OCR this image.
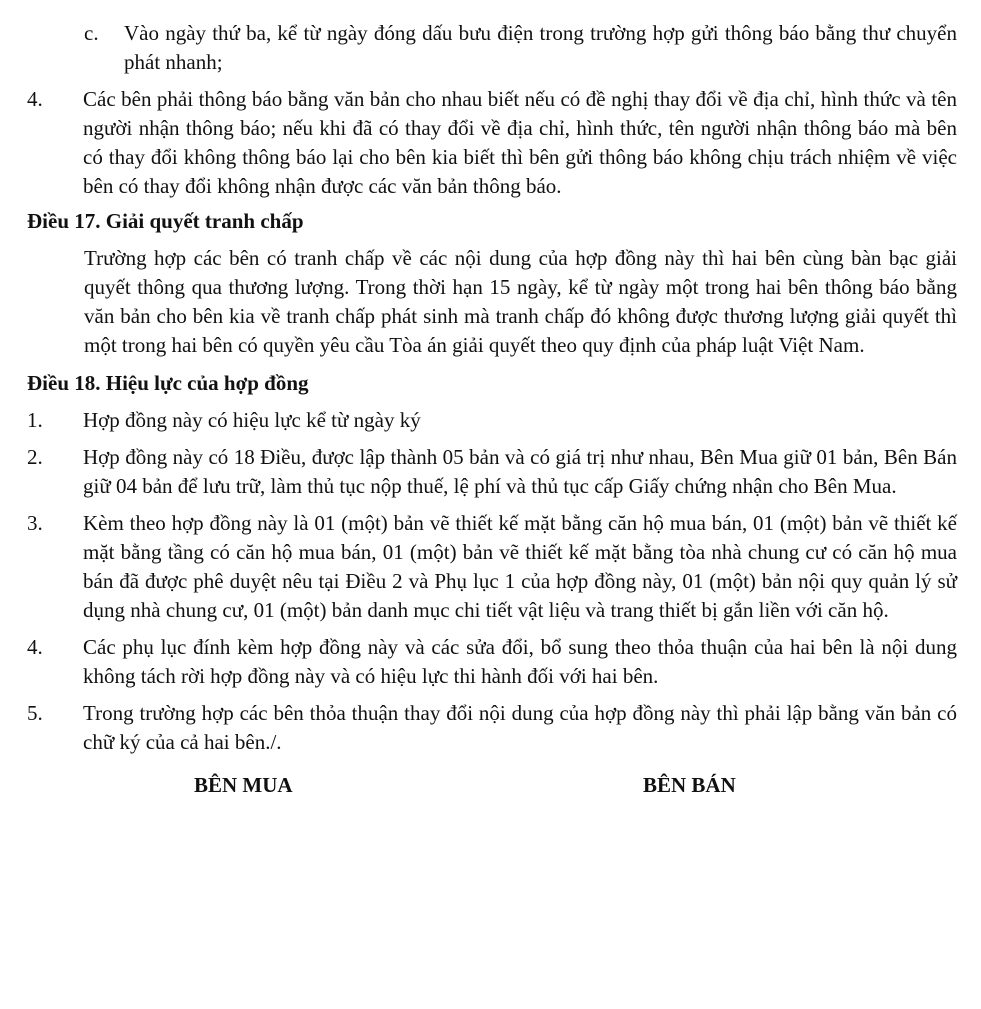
c.	Vào ngày thứ ba, kể từ ngày đóng dấu bưu điện trong trường hợp gửi thông báo bằng thư chuyển phát nhanh;
4.	Các bên phải thông báo bằng văn bản cho nhau biết nếu có đề nghị thay đổi về địa chỉ, hình thức và tên người nhận thông báo; nếu khi đã có thay đổi về địa chỉ, hình thức, tên người nhận thông báo mà bên có thay đổi không thông báo lại cho bên kia biết thì bên gửi thông báo không chịu trách nhiệm về việc bên có thay đổi không nhận được các văn bản thông báo.
Điều 17. Giải quyết tranh chấp
Trường hợp các bên có tranh chấp về các nội dung của hợp đồng này thì hai bên cùng bàn bạc giải quyết thông qua thương lượng. Trong thời hạn 15 ngày, kể từ ngày một trong hai bên thông báo bằng văn bản cho bên kia về tranh chấp phát sinh mà tranh chấp đó không được thương lượng giải quyết thì một trong hai bên có quyền yêu cầu Tòa án giải quyết theo quy định của pháp luật Việt Nam.
Điều 18. Hiệu lực của hợp đồng
1.	Hợp đồng này có hiệu lực kể từ ngày ký
2.	Hợp đồng này có 18 Điều, được lập thành 05 bản và có giá trị như nhau, Bên Mua giữ 01 bản, Bên Bán giữ 04 bản để lưu trữ, làm thủ tục nộp thuế, lệ phí và thủ tục cấp Giấy chứng nhận cho Bên Mua.
3.	Kèm theo hợp đồng này là 01 (một) bản vẽ thiết kế mặt bằng căn hộ mua bán, 01 (một) bản vẽ thiết kế mặt bằng tầng có căn hộ mua bán, 01 (một) bản vẽ thiết kế mặt bằng tòa nhà chung cư có căn hộ mua bán đã được phê duyệt nêu tại Điều 2 và Phụ lục 1 của hợp đồng này, 01 (một) bản nội quy quản lý sử dụng nhà chung cư, 01 (một) bản danh mục chi tiết vật liệu và trang thiết bị gắn liền với căn hộ.
4.	Các phụ lục đính kèm hợp đồng này và các sửa đổi, bổ sung theo thỏa thuận của hai bên là nội dung không tách rời hợp đồng này và có hiệu lực thi hành đối với hai bên.
5.	Trong trường hợp các bên thỏa thuận thay đổi nội dung của hợp đồng này thì phải lập bằng văn bản có chữ ký của cả hai bên./.
BÊN MUA	BÊN BÁN
